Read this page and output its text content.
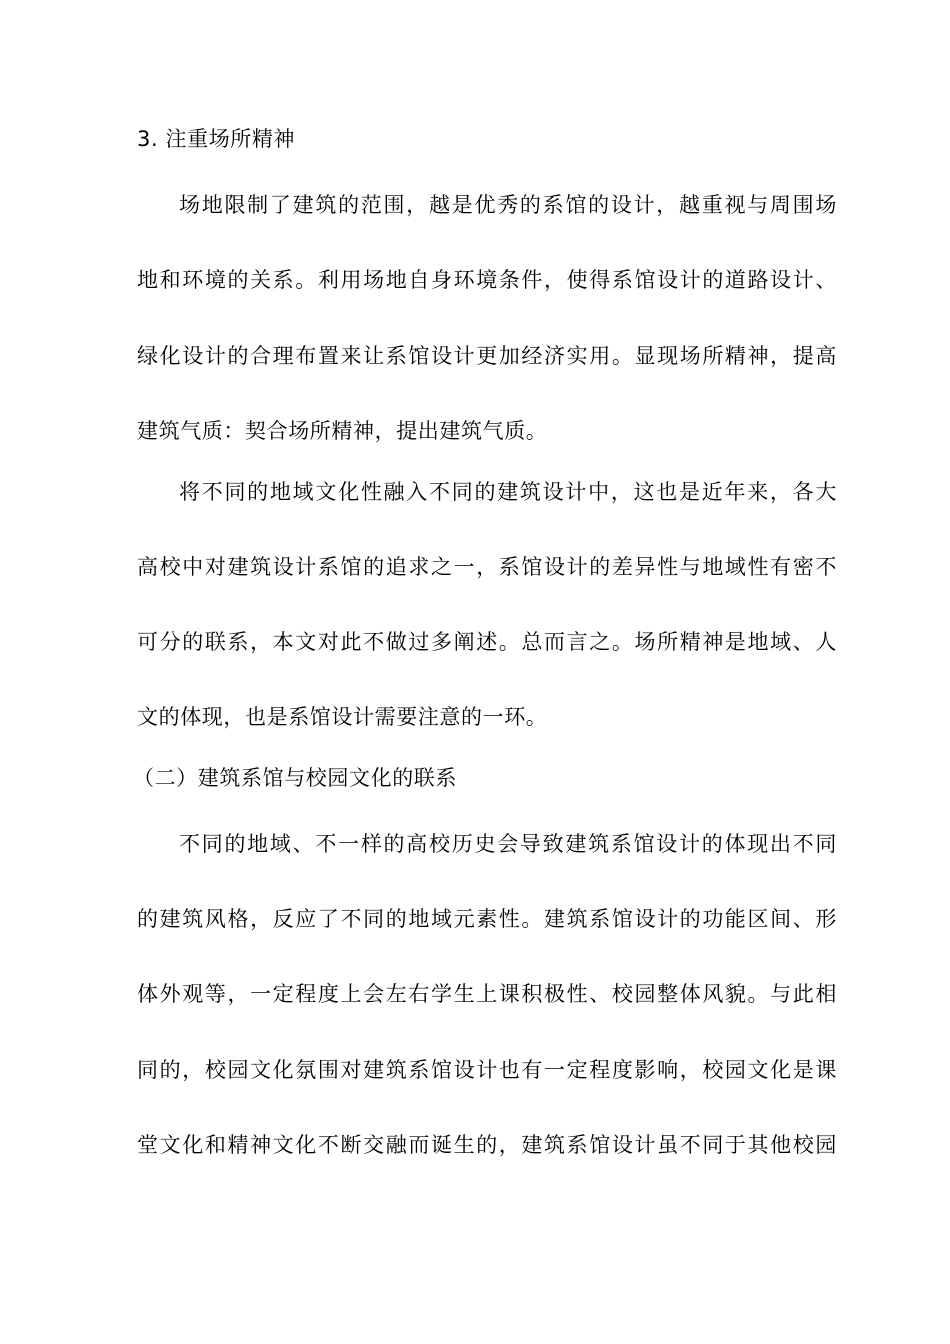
3. 注重场所精神
场地限制了建筑的范围，越是优秀的系馆的设计，越重视与周围场
地和环境的关系。利用场地自身环境条件，使得系馆设计的道路设计、
绿化设计的合理布置来让系馆设计更加经济实用。显现场所精神，提高
建筑气质：契合场所精神，提出建筑气质。
将不同的地域文化性融入不同的建筑设计中，这也是近年来，各大
高校中对建筑设计系馆的追求之一，系馆设计的差异性与地域性有密不
可分的联系，本文对此不做过多阐述。总而言之。场所精神是地域、人
文的体现，也是系馆设计需要注意的一环。
（二）建筑系馆与校园文化的联系
不同的地域、不一样的高校历史会导致建筑系馆设计的体现出不同
的建筑风格，反应了不同的地域元素性。建筑系馆设计的功能区间、形
体外观等，一定程度上会左右学生上课积极性、校园整体风貌。与此相
同的，校园文化氛围对建筑系馆设计也有一定程度影响，校园文化是课
堂文化和精神文化不断交融而诞生的，建筑系馆设计虽不同于其他校园
